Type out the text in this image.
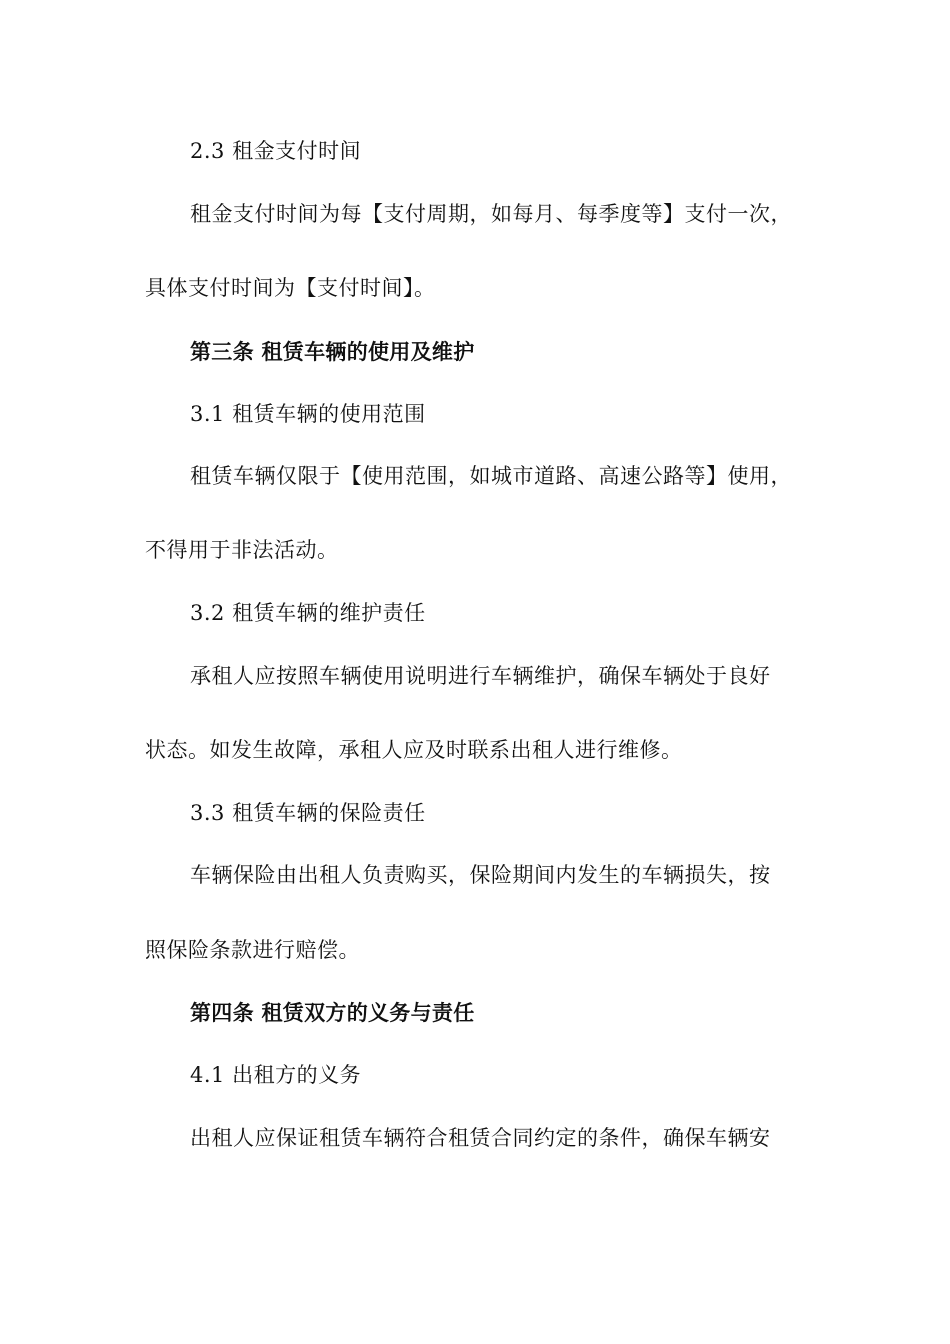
2.3 租金支付时间
租金支付时间为每【支付周期，如每月、每季度等】支付一次，
具体支付时间为【支付时间】。
第三条 租赁车辆的使用及维护
3.1 租赁车辆的使用范围
租赁车辆仅限于【使用范围，如城市道路、高速公路等】使用，
不得用于非法活动。
3.2 租赁车辆的维护责任
承租人应按照车辆使用说明进行车辆维护，确保车辆处于良好
状态。如发生故障，承租人应及时联系出租人进行维修。
3.3 租赁车辆的保险责任
车辆保险由出租人负责购买，保险期间内发生的车辆损失，按
照保险条款进行赔偿。
第四条 租赁双方的义务与责任
4.1 出租方的义务
出租人应保证租赁车辆符合租赁合同约定的条件，确保车辆安
